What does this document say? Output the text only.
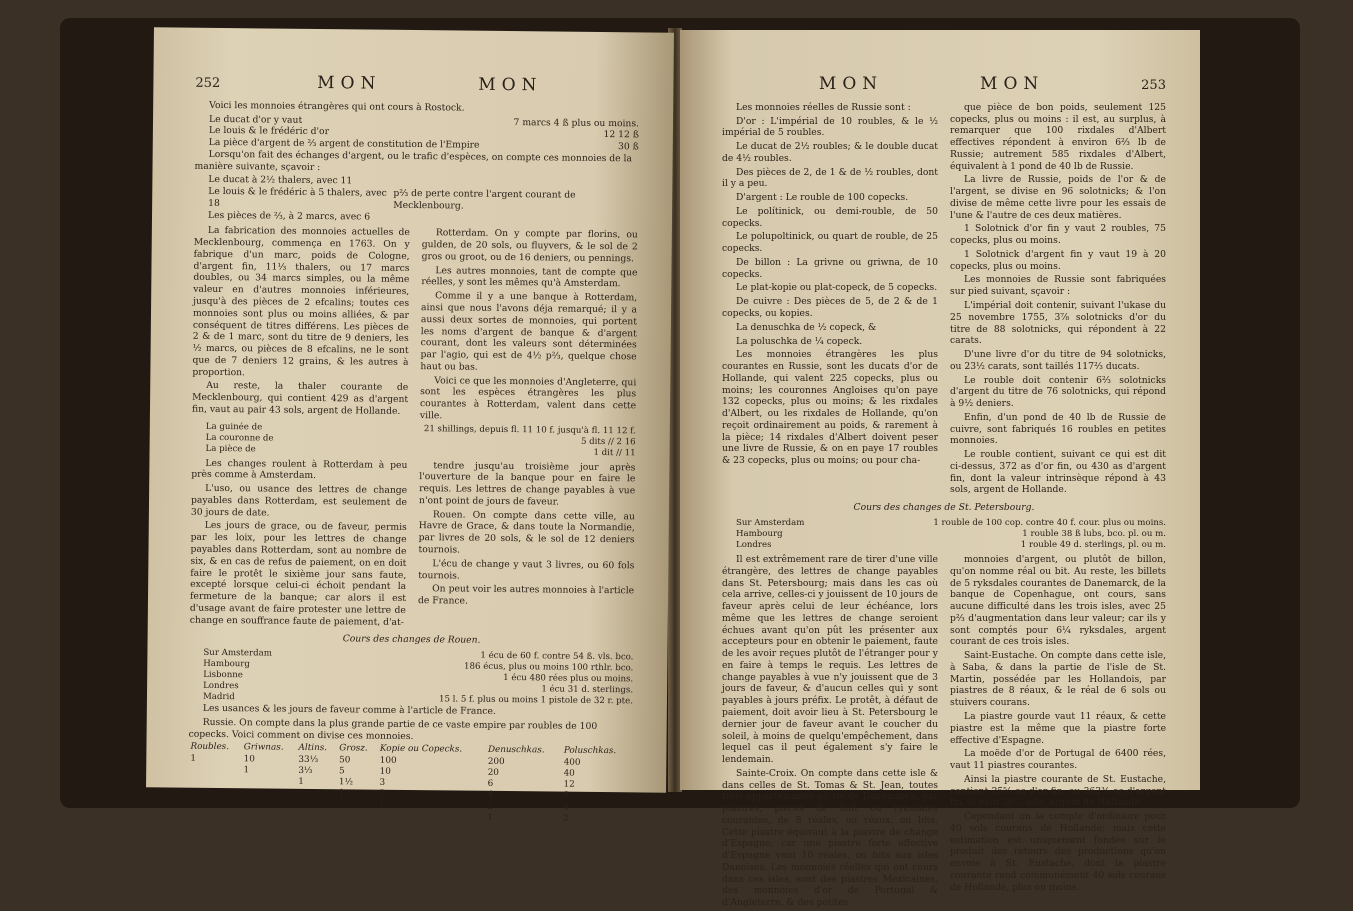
252	MON	MON

Voici les monnoies étrangères qui ont cours à Rostock.

Le ducat d'or y vaut	7 marcs 4 ß plus ou moins.
Le louis & le frédéric d'or	12 12 ß
La pièce d'argent de ⅔ argent de constitution de l'Empire	30 ß

Lorsqu'on fait des échanges d'argent, ou le trafic d'espèces, on compte ces monnoies de la manière suivante, sçavoir :

Le ducat à 2½ thalers, avec 11
Le louis & le frédéric à 5 thalers, avec 18
Les pièces de ⅔, à 2 marcs, avec 6
p⅔ de perte contre l'argent courant de Mecklenbourg.

La fabrication des monnoies actuelles de Mecklenbourg, commença en 1763. On y fabrique d'un marc, poids de Cologne, d'argent fin, 11⅓ thalers, ou 17 marcs doubles, ou 34 marcs simples, ou la même valeur en d'autres monnoies inférieures, jusqu'à des pièces de 2 efcalins; toutes ces monnoies sont plus ou moins alliées, & par conséquent de titres différens. Les pièces de 2 & de 1 marc, sont du titre de 9 deniers, les ½ marcs, ou pièces de 8 efcalins, ne le sont que de 7 deniers 12 grains, & les autres à proportion.

Au reste, la thaler courante de Mecklenbourg, qui contient 429 as d'argent fin, vaut au pair 43 sols, argent de Hollande.

Rotterdam. On y compte par florins, ou gulden, de 20 sols, ou fluyvers, & le sol de 2 gros ou groot, ou de 16 deniers, ou pennings.

Les autres monnoies, tant de compte que réelles, y sont les mêmes qu'à Amsterdam.

Comme il y a une banque à Rotterdam, ainsi que nous l'avons déja remarqué; il y a aussi deux sortes de monnoies, qui portent les noms d'argent de banque & d'argent courant, dont les valeurs sont déterminées par l'agio, qui est de 4½ p⅔, quelque chose haut ou bas.

Voici ce que les monnoies d'Angleterre, qui sont les espèces étrangères les plus courantes à Rotterdam, valent dans cette ville.

La guinée de	21 shillings, depuis fl. 11 10 f. jusqu'à fl. 11 12 f.
La couronne de	5 dits // 2 16
La pièce de	1 dit // 11

Les changes roulent à Rotterdam à peu près comme à Amsterdam.

L'uso, ou usance des lettres de change payables dans Rotterdam, est seulement de 30 jours de date.

Les jours de grace, ou de faveur, permis par les loix, pour les lettres de change payables dans Rotterdam, sont au nombre de six, & en cas de refus de paiement, on en doit faire le protêt le sixième jour sans faute, excepté lorsque celui-ci échoit pendant la fermeture de la banque; car alors il est d'usage avant de faire protester une lettre de change en souffrance faute de paiement, d'at-

tendre jusqu'au troisième jour après l'ouverture de la banque pour en faire le requis. Les lettres de change payables à vue n'ont point de jours de faveur.

Rouen. On compte dans cette ville, au Havre de Grace, & dans toute la Normandie, par livres de 20 sols, & le sol de 12 deniers tournois.

L'écu de change y vaut 3 livres, ou 60 fols tournois.

On peut voir les autres monnoies à l'article de France.

Cours des changes de Rouen.
Sur Amsterdam	1 écu de 60 f. contre 54 ß. vls. bco.
Hambourg	186 écus, plus ou moins 100 rthlr. bco.
Lisbonne	1 écu 480 rées plus ou moins.
Londres	1 écu 31 d. sterlings.
Madrid	15 l. 5 f. plus ou moins 1 pistole de 32 r. pte.

Les usances & les jours de faveur comme à l'article de France.

Russie. On compte dans la plus grande partie de ce vaste empire par roubles de 100 copecks. Voici comment on divise ces monnoies.

Roubles.	Griwnas.	Altins.	Grosz.	Kopie ou Copecks.	Denuschkas.	Poluschkas.
1	10	33⅓	50	100	200	400
	1	3⅓	5	10	20	40
		1	1½	3	6	12
			1	2	4	8
				1	2	4
					1	2
MON	MON	253

Les monnoies réelles de Russie sont :

D'or : L'impérial de 10 roubles, & le ½ impérial de 5 roubles.

Le ducat de 2½ roubles; & le double ducat de 4½ roubles.

Des pièces de 2, de 1 & de ½ roubles, dont il y a peu.

D'argent : Le rouble de 100 copecks.

Le polítinick, ou demi-rouble, de 50 copecks.

Le polupoltinick, ou quart de rouble, de 25 copecks.

De billon : La grivne ou griwna, de 10 copecks.

Le plat-kopie ou plat-copeck, de 5 copecks.

De cuivre : Des pièces de 5, de 2 & de 1 copecks, ou kopies.

La denuschka de ½ copeck, &

La poluschka de ¼ copeck.

Les monnoies étrangères les plus courantes en Russie, sont les ducats d'or de Hollande, qui valent 225 copecks, plus ou moins; les couronnes Angloises qu'on paye 132 copecks, plus ou moins; & les rixdales d'Albert, ou les rixdales de Hollande, qu'on reçoit ordinairement au poids, & rarement à la pièce; 14 rixdales d'Albert doivent peser une livre de Russie, & on en paye 17 roubles & 23 copecks, plus ou moins; ou pour cha-

que pièce de bon poids, seulement 125 copecks, plus ou moins : il est, au surplus, à remarquer que 100 rixdales d'Albert effectives répondent à environ 6⅔ lb de Russie; autrement 585 rixdales d'Albert, équivalent à 1 pond de 40 lb de Russie.

La livre de Russie, poids de l'or & de l'argent, se divise en 96 solotnicks; & l'on divise de même cette livre pour les essais de l'une & l'autre de ces deux matières.

1 Solotnick d'or fin y vaut 2 roubles, 75 copecks, plus ou moins.

1 Solotnick d'argent fin y vaut 19 à 20 copecks, plus ou moins.

Les monnoies de Russie sont fabriquées sur pied suivant, sçavoir :

L'impérial doit contenir, suivant l'ukase du 25 novembre 1755, 3⅞ solotnicks d'or du titre de 88 solotnicks, qui répondent à 22 carats.

D'une livre d'or du titre de 94 solotnicks, ou 23½ carats, sont taillés 117⅔ ducats.

Le rouble doit contenir 6⅔ solotnicks d'argent du titre de 76 solotnicks, qui répond à 9½ deniers.

Enfin, d'un pond de 40 lb de Russie de cuivre, sont fabriqués 16 roubles en petites monnoies.

Le rouble contient, suivant ce qui est dit ci-dessus, 372 as d'or fin, ou 430 as d'argent fin, dont la valeur intrinsèque répond à 43 sols, argent de Hollande.

Cours des changes de St. Petersbourg.
Sur Amsterdam	1 rouble de 100 cop. contre 40 f. cour. plus ou moins.
Hambourg	1 rouble 38 ß lubs, bco. pl. ou m.
Londres	1 rouble 49 d. sterlings, pl. ou m.

Il est extrêmement rare de tirer d'une ville étrangère, des lettres de change payables dans St. Petersbourg; mais dans les cas où cela arrive, celles-ci y jouissent de 10 jours de faveur après celui de leur échéance, lors même que les lettres de change seroient échues avant qu'on pût les présenter aux accepteurs pour en obtenir le paiement, faute de les avoir reçues plutôt de l'étranger pour y en faire à temps le requis. Les lettres de change payables à vue n'y jouissent que de 3 jours de faveur, & d'aucun celles qui y sont payables à jours préfix. Le protêt, à défaut de paiement, doit avoir lieu à St. Petersbourg le dernier jour de faveur avant le coucher du soleil, à moins de quelqu'empêchement, dans lequel cas il peut également s'y faire le lendemain.

Sainte-Croix. On compte dans cette isle & dans celles de St. Tomas & St. Jean, toutes trois appartenantes au roi de Danemarck, par piastres, pièces de huit ou ryksdales courantes, de 8 réales, ou réaux, ou bits. Cette piastre équivaut à la piastre de change d'Espagne; car une piastre forte effective d'Espagne vaut 10 réales, ou bits aux isles Danoises. Les monnoies réelles qui ont cours dans ces isles, sont des piastres Mexicaines, des monnoies d'or de Portugal & d'Angleterre, & des petites

monnoies d'argent, ou plutôt de billon, qu'on nomme réal ou bit. Au reste, les billets de 5 ryksdales courantes de Danemarck, de la banque de Copenhague, ont cours, sans aucune difficulté dans les trois isles, avec 25 p⅔ d'augmentation dans leur valeur; car ils y sont comptés pour 6¼ ryksdales, argent courant de ces trois isles.

Saint-Eustache. On compte dans cette isle, à Saba, & dans la partie de l'isle de St. Martin, possédée par les Hollandois, par piastres de 8 réaux, & le réal de 6 sols ou stuivers courans.

La piastre gourde vaut 11 réaux, & cette piastre est la même que la piastre forte effective d'Espagne.

La moëde d'or de Portugal de 6400 rées, vaut 11 piastres courantes.

Ainsi la piastre courante de St. Eustache, contient 25⅝ as d'or fin, ou 363⅜ as d'argent fin, & vaut 36½ sols, argent de Hollande.

Cependant on la compte d'ordinaire pour 40 sols courans de Hollande; mais cette estimation est uniquement fondée sur le produit des retours des productions qu'on envoie à St. Eustache, dont la piastre courante rend communément 40 sols courans de Hollande, plus ou moins.
